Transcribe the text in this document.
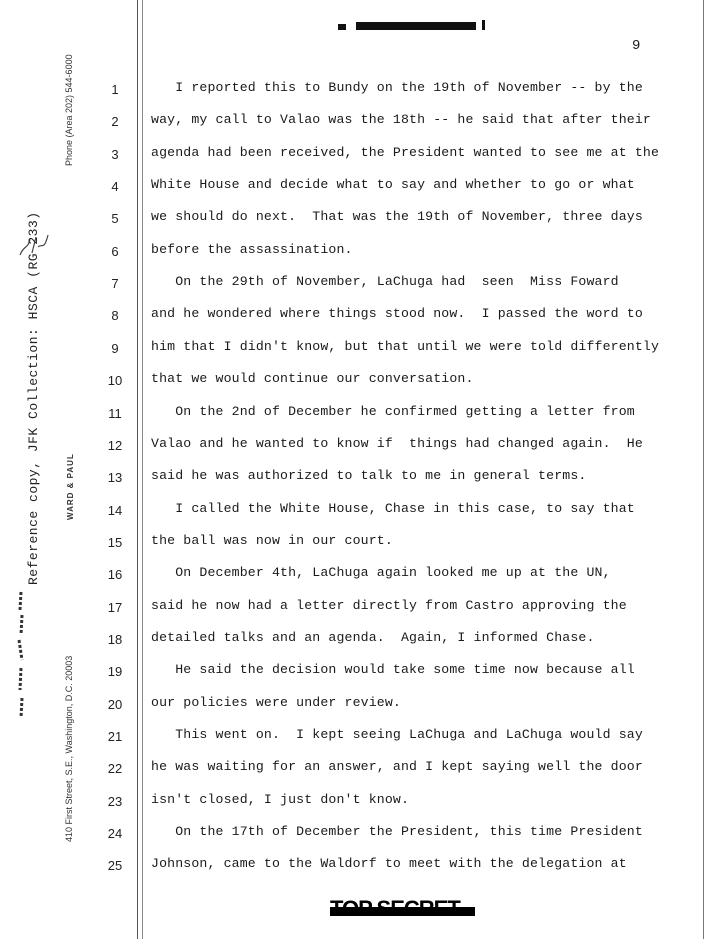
9
Phone (Area 202) 544-6000
Reference copy, JFK Collection: HSCA (RG 233)	WARD & PAUL
410 First Street, S.E., Washington, D.C. 20003
1
2
3
4
5
6
7
8
9
10
11
12
13
14
15
16
17
18
19
20
21
22
23
24
25
I reported this to Bundy on the 19th of November -- by the
way, my call to Valao was the 18th -- he said that after their
agenda had been received, the President wanted to see me at the
White House and decide what to say and whether to go or what
we should do next.  That was the 19th of November, three days
before the assassination.
On the 29th of November, LaChuga had  seen  Miss Foward
and he wondered where things stood now.  I passed the word to
him that I didn't know, but that until we were told differently
that we would continue our conversation.
On the 2nd of December he confirmed getting a letter from
Valao and he wanted to know if  things had changed again.  He
said he was authorized to talk to me in general terms.
I called the White House, Chase in this case, to say that
the ball was now in our court.
On December 4th, LaChuga again looked me up at the UN,
said he now had a letter directly from Castro approving the
detailed talks and an agenda.  Again, I informed Chase.
He said the decision would take some time now because all
our policies were under review.
This went on.  I kept seeing LaChuga and LaChuga would say
he was waiting for an answer, and I kept saying well the door
isn't closed, I just don't know.
On the 17th of December the President, this time President
Johnson, came to the Waldorf to meet with the delegation at
